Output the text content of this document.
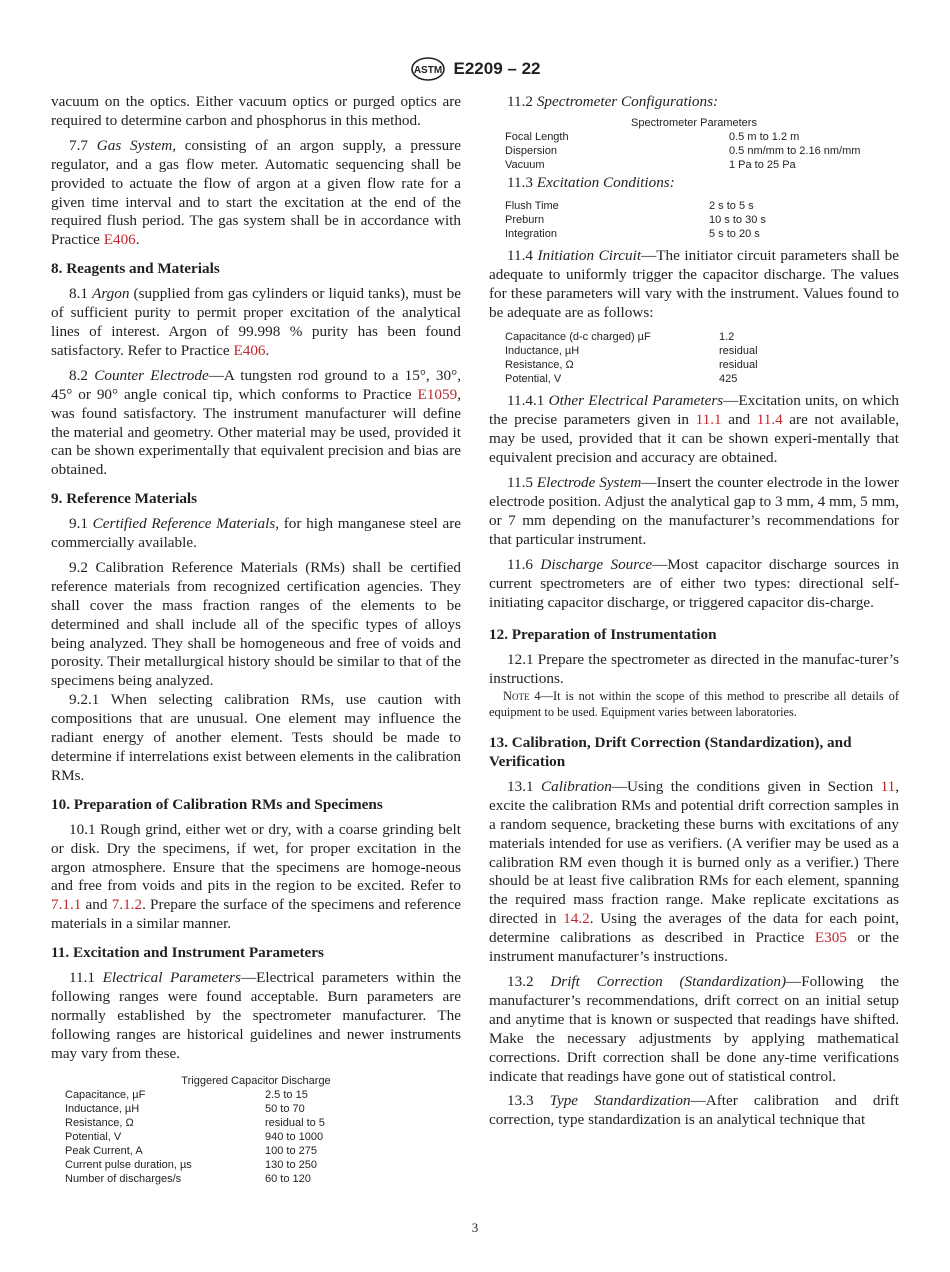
ASTM E2209 – 22

vacuum on the optics. Either vacuum optics or purged optics are required to determine carbon and phosphorus in this method.

7.7 Gas System, consisting of an argon supply, a pressure regulator, and a gas flow meter. Automatic sequencing shall be provided to actuate the flow of argon at a given flow rate for a given time interval and to start the excitation at the end of the required flush period. The gas system shall be in accordance with Practice E406.

8. Reagents and Materials

8.1 Argon (supplied from gas cylinders or liquid tanks), must be of sufficient purity to permit proper excitation of the analytical lines of interest. Argon of 99.998 % purity has been found satisfactory. Refer to Practice E406.

8.2 Counter Electrode—A tungsten rod ground to a 15°, 30°, 45° or 90° angle conical tip, which conforms to Practice E1059, was found satisfactory. The instrument manufacturer will define the material and geometry. Other material may be used, provided it can be shown experimentally that equivalent precision and bias are obtained.

9. Reference Materials

9.1 Certified Reference Materials, for high manganese steel are commercially available.

9.2 Calibration Reference Materials (RMs) shall be certified reference materials from recognized certification agencies. They shall cover the mass fraction ranges of the elements to be determined and shall include all of the specific types of alloys being analyzed. They shall be homogeneous and free of voids and porosity. Their metallurgical history should be similar to that of the specimens being analyzed.

9.2.1 When selecting calibration RMs, use caution with compositions that are unusual. One element may influence the radiant energy of another element. Tests should be made to determine if interrelations exist between elements in the calibration RMs.

10. Preparation of Calibration RMs and Specimens

10.1 Rough grind, either wet or dry, with a coarse grinding belt or disk. Dry the specimens, if wet, for proper excitation in the argon atmosphere. Ensure that the specimens are homoge-neous and free from voids and pits in the region to be excited. Refer to 7.1.1 and 7.1.2. Prepare the surface of the specimens and reference materials in a similar manner.

11. Excitation and Instrument Parameters

11.1 Electrical Parameters—Electrical parameters within the following ranges were found acceptable. Burn parameters are normally established by the spectrometer manufacturer. The following ranges are historical guidelines and newer instruments may vary from these.

Triggered Capacitor Discharge
Capacitance, µF	2.5 to 15
Inductance, µH	50 to 70
Resistance, Ω	residual to 5
Potential, V	940 to 1000
Peak Current, A	100 to 275
Current pulse duration, µs	130 to 250
Number of discharges/s	60 to 120

11.2 Spectrometer Configurations:

Spectrometer Parameters
Focal Length	0.5 m to 1.2 m
Dispersion	0.5 nm/mm to 2.16 nm/mm
Vacuum	1 Pa to 25 Pa

11.3 Excitation Conditions:

Flush Time	2 s to 5 s
Preburn	10 s to 30 s
Integration	5 s to 20 s

11.4 Initiation Circuit—The initiator circuit parameters shall be adequate to uniformly trigger the capacitor discharge. The values for these parameters will vary with the instrument. Values found to be adequate are as follows:

Capacitance (d-c charged) µF	1.2
Inductance, µH	residual
Resistance, Ω	residual
Potential, V	425

11.4.1 Other Electrical Parameters—Excitation units, on which the precise parameters given in 11.1 and 11.4 are not available, may be used, provided that it can be shown experi-mentally that equivalent precision and accuracy are obtained.

11.5 Electrode System—Insert the counter electrode in the lower electrode position. Adjust the analytical gap to 3 mm, 4 mm, 5 mm, or 7 mm depending on the manufacturer’s recommendations for that particular instrument.

11.6 Discharge Source—Most capacitor discharge sources in current spectrometers are of either two types: directional self-initiating capacitor discharge, or triggered capacitor dis-charge.

12. Preparation of Instrumentation

12.1 Prepare the spectrometer as directed in the manufac-turer’s instructions.

Note 4—It is not within the scope of this method to prescribe all details of equipment to be used. Equipment varies between laboratories.
13. Calibration, Drift Correction (Standardization), and Verification

13.1 Calibration—Using the conditions given in Section 11, excite the calibration RMs and potential drift correction samples in a random sequence, bracketing these burns with excitations of any materials intended for use as verifiers. (A verifier may be used as a calibration RM even though it is burned only as a verifier.) There should be at least five calibration RMs for each element, spanning the required mass fraction range. Make replicate excitations as directed in 14.2. Using the averages of the data for each point, determine calibrations as described in Practice E305 or the instrument manufacturer’s instructions.

13.2 Drift Correction (Standardization)—Following the manufacturer’s recommendations, drift correct on an initial setup and anytime that is known or suspected that readings have shifted. Make the necessary adjustments by applying mathematical corrections. Drift correction shall be done any-time verifications indicate that readings have gone out of statistical control.

13.3 Type Standardization—After calibration and drift correction, type standardization is an analytical technique that

3
